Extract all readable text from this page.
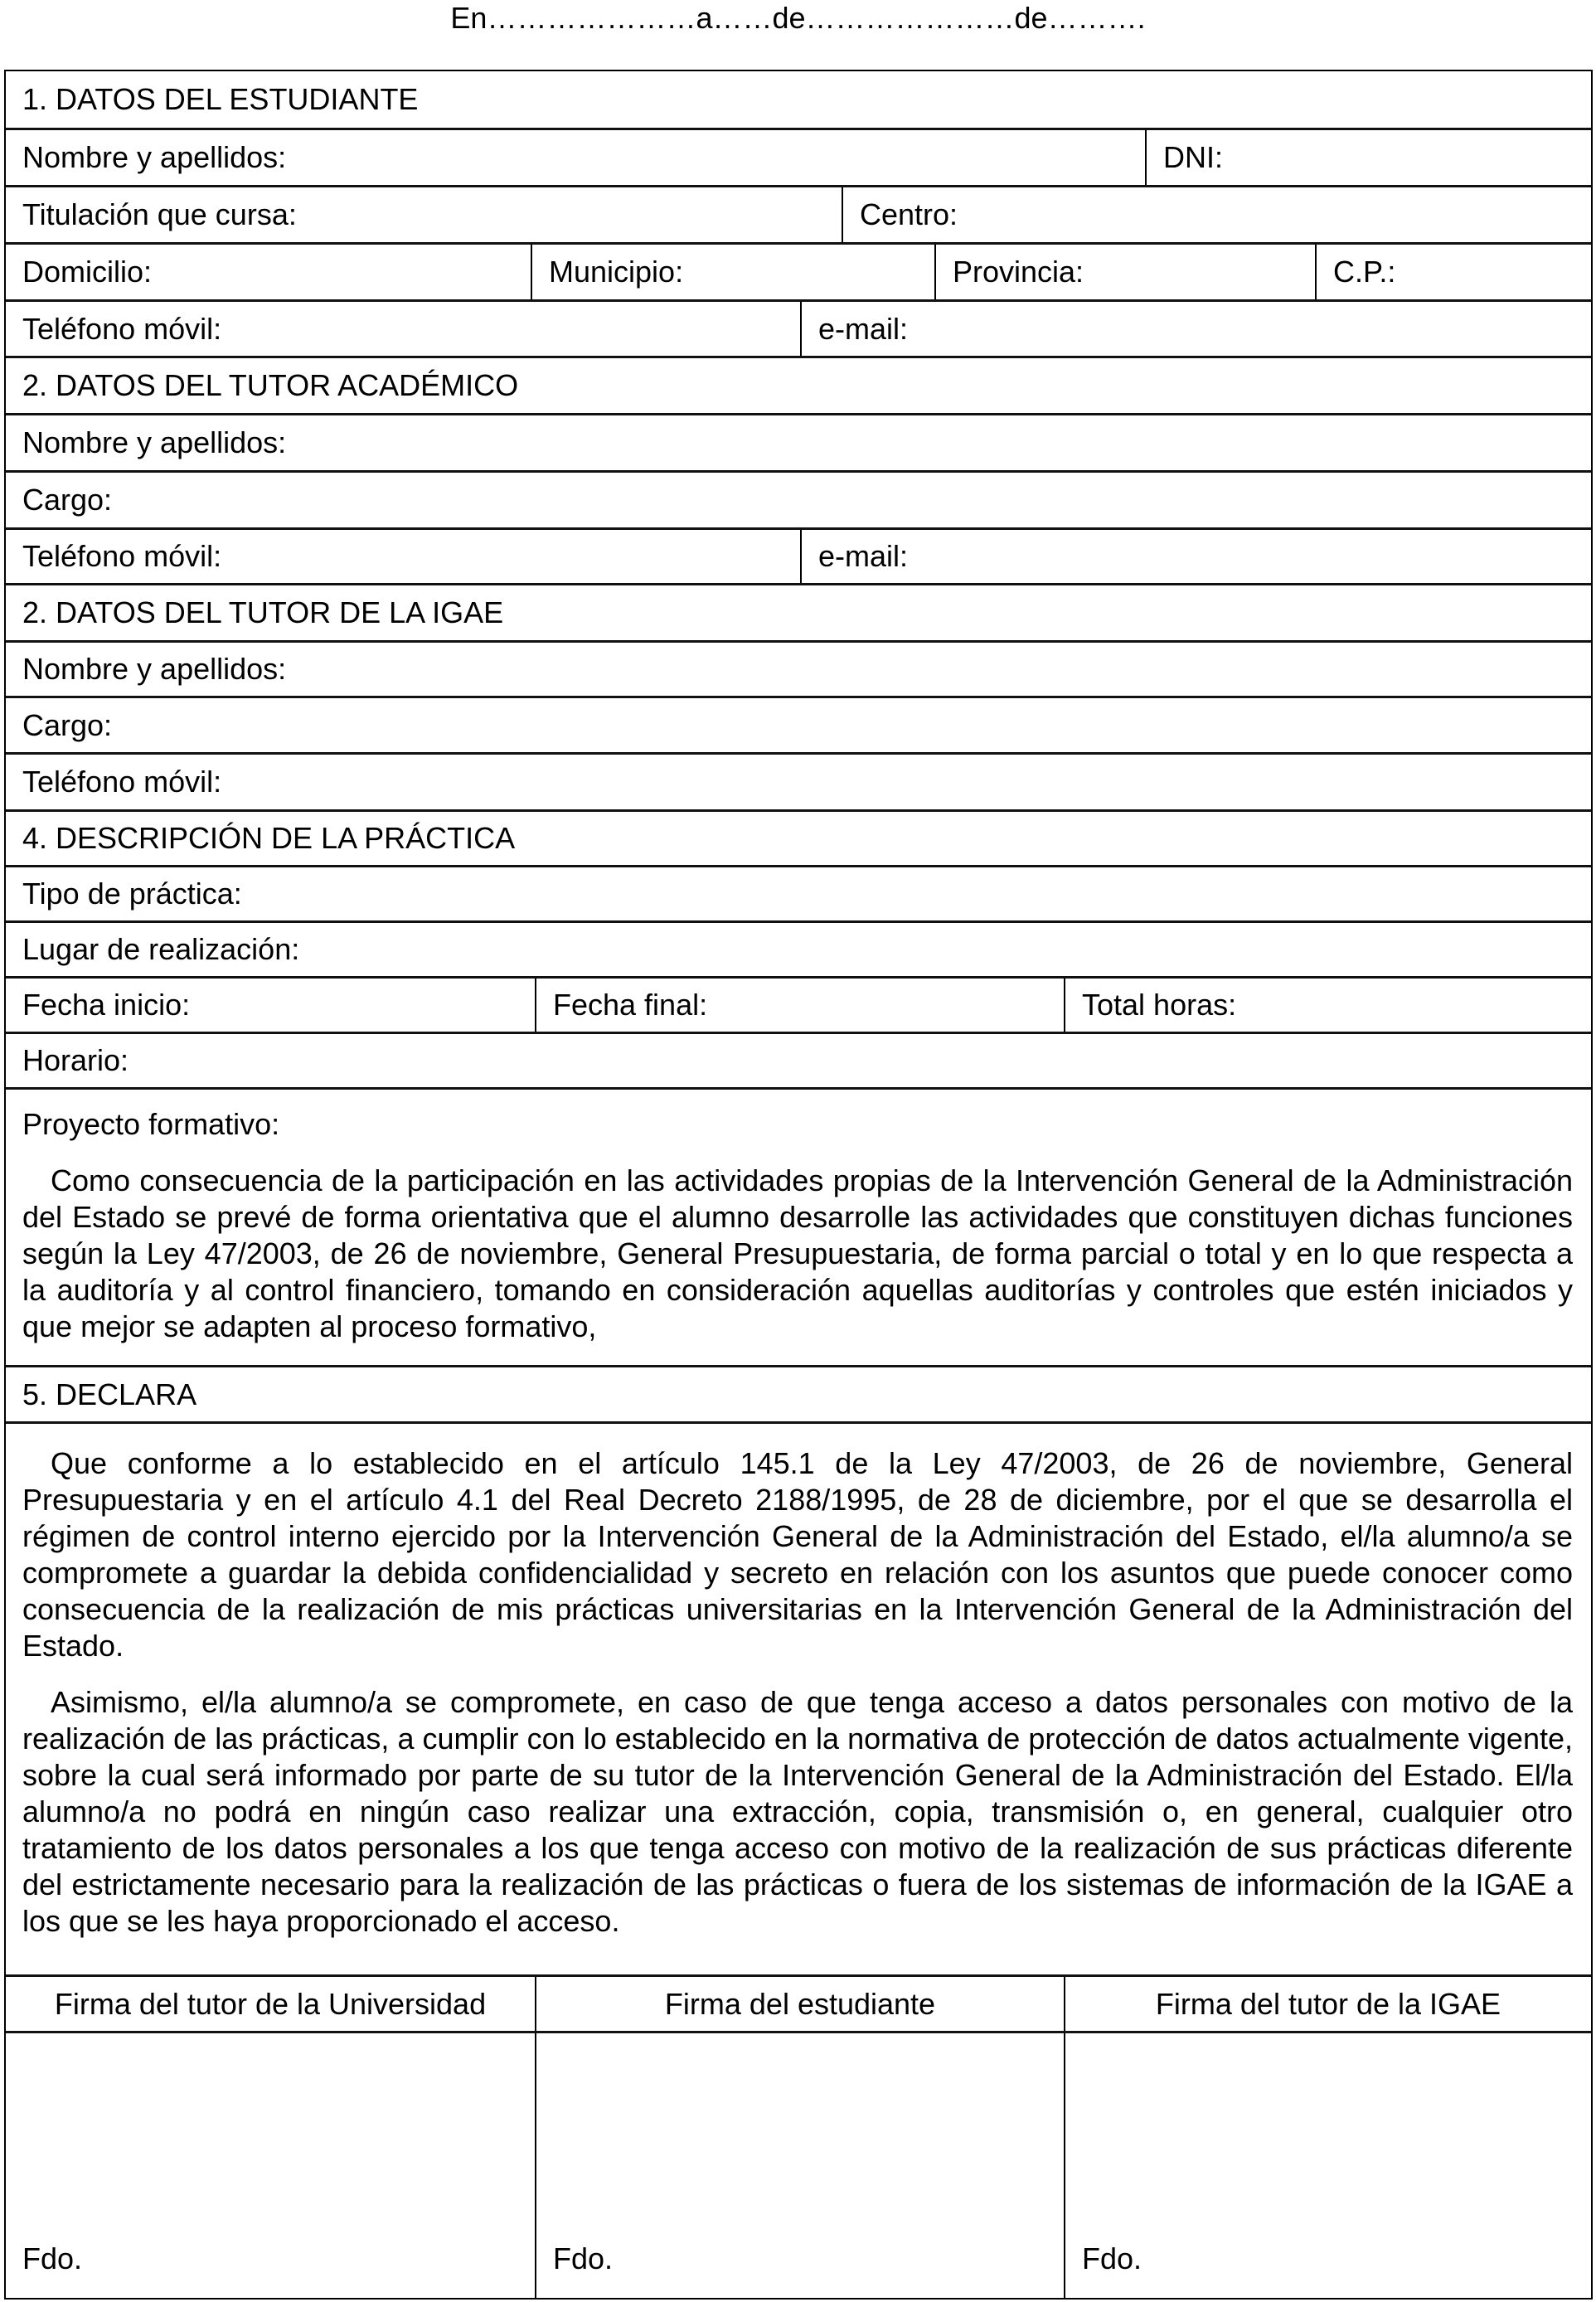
En…………………a……de…………………de……….
1. DATOS DEL ESTUDIANTE
Nombre y apellidos:	DNI:
Titulación que cursa:	Centro:
Domicilio:	Municipio:	Provincia:	C.P.:
Teléfono móvil:	e-mail:
2. DATOS DEL TUTOR ACADÉMICO
Nombre y apellidos:
Cargo:
Teléfono móvil:	e-mail:
2. DATOS DEL TUTOR DE LA IGAE
Nombre y apellidos:
Cargo:
Teléfono móvil:
4. DESCRIPCIÓN DE LA PRÁCTICA
Tipo de práctica:
Lugar de realización:
Fecha inicio:	Fecha final:	Total horas:
Horario:

Proyecto formativo:

Como consecuencia de la participación en las actividades propias de la Intervención General de la Administración del Estado se prevé de forma orientativa que el alumno desarrolle las actividades que constituyen dichas funciones según la Ley 47/2003, de 26 de noviembre, General Presupuestaria, de forma parcial o total y en lo que respecta a la auditoría y al control financiero, tomando en consideración aquellas auditorías y controles que estén iniciados y que mejor se adapten al proceso formativo,

5. DECLARA

Que conforme a lo establecido en el artículo 145.1 de la Ley 47/2003, de 26 de noviembre, General Presupuestaria y en el artículo 4.1 del Real Decreto 2188/1995, de 28 de diciembre, por el que se desarrolla el régimen de control interno ejercido por la Intervención General de la Administración del Estado, el/la alumno/a se compromete a guardar la debida confidencialidad y secreto en relación con los asuntos que puede conocer como consecuencia de la realización de mis prácticas universitarias en la Intervención General de la Administración del Estado.

Asimismo, el/la alumno/a se compromete, en caso de que tenga acceso a datos personales con motivo de la realización de las prácticas, a cumplir con lo establecido en la normativa de protección de datos actualmente vigente, sobre la cual será informado por parte de su tutor de la Intervención General de la Administración del Estado. El/la alumno/a no podrá en ningún caso realizar una extracción, copia, transmisión o, en general, cualquier otro tratamiento de los datos personales a los que tenga acceso con motivo de la realización de sus prácticas diferente del estrictamente necesario para la realización de las prácticas o fuera de los sistemas de información de la IGAE a los que se les haya proporcionado el acceso.

Firma del tutor de la Universidad	Firma del estudiante	Firma del tutor de la IGAE
Fdo.	Fdo.	Fdo.
